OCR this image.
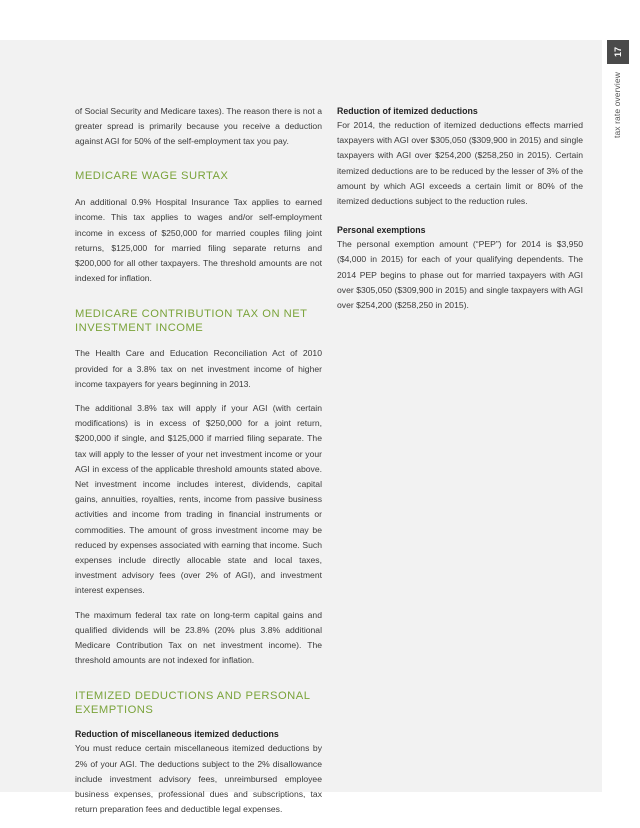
17
tax rate overview

of Social Security and Medicare taxes). The reason there is not a greater spread is primarily because you receive a deduction against AGI for 50% of the self-employment tax you pay.

MEDICARE WAGE SURTAX

An additional 0.9% Hospital Insurance Tax applies to earned income. This tax applies to wages and/or self-employment income in excess of $250,000 for married couples filing joint returns, $125,000 for married filing separate returns and $200,000 for all other taxpayers. The threshold amounts are not indexed for inflation.

MEDICARE CONTRIBUTION TAX ON NET INVESTMENT INCOME

The Health Care and Education Reconciliation Act of 2010 provided for a 3.8% tax on net investment income of higher income taxpayers for years beginning in 2013.

The additional 3.8% tax will apply if your AGI (with certain modifications) is in excess of $250,000 for a joint return, $200,000 if single, and $125,000 if married filing separate. The tax will apply to the lesser of your net investment income or your AGI in excess of the applicable threshold amounts stated above. Net investment income includes interest, dividends, capital gains, annuities, royalties, rents, income from passive business activities and income from trading in financial instruments or commodities. The amount of gross investment income may be reduced by expenses associated with earning that income. Such expenses include directly allocable state and local taxes, investment advisory fees (over 2% of AGI), and investment interest expenses.

The maximum federal tax rate on long-term capital gains and qualified dividends will be 23.8% (20% plus 3.8% additional Medicare Contribution Tax on net investment income). The threshold amounts are not indexed for inflation.

ITEMIZED DEDUCTIONS AND PERSONAL EXEMPTIONS
Reduction of miscellaneous itemized deductions

You must reduce certain miscellaneous itemized deductions by 2% of your AGI. The deductions subject to the 2% disallowance include investment advisory fees, unreimbursed employee business expenses, professional dues and subscriptions, tax return preparation fees and deductible legal expenses.

Reduction of itemized deductions

For 2014, the reduction of itemized deductions effects married taxpayers with AGI over $305,050 ($309,900 in 2015) and single taxpayers with AGI over $254,200 ($258,250 in 2015). Certain itemized deductions are to be reduced by the lesser of 3% of the amount by which AGI exceeds a certain limit or 80% of the itemized deductions subject to the reduction rules.

Personal exemptions

The personal exemption amount (“PEP”) for 2014 is $3,950 ($4,000 in 2015) for each of your qualifying dependents. The 2014 PEP begins to phase out for married taxpayers with AGI over $305,050 ($309,900 in 2015) and single taxpayers with AGI over $254,200 ($258,250 in 2015).
